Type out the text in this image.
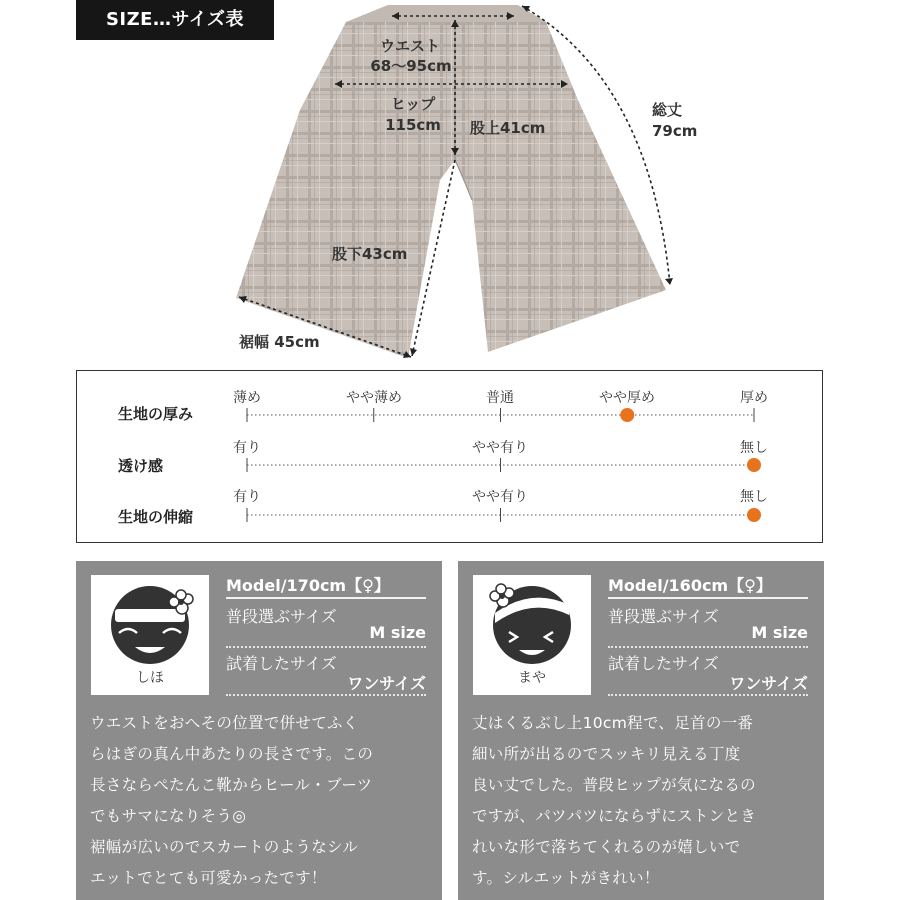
SIZE…サイズ表
ウエスト
68〜95cm
ヒップ
115cm	股上41cm
総丈
79cm
股下43cm
裾幅 45cm
生地の厚み
薄め	やや薄め	普通	やや厚め	厚め
透け感
有り	やや有り	無し
生地の伸縮
有り	やや有り	無し
しほ
Model/170cm【♀】
普段選ぶサイズ
M size
試着したサイズ
ワンサイズ
ウエストをおへその位置で併せてふく
らはぎの真ん中あたりの長さです。この
長さならぺたんこ靴からヒール・ブーツ
でもサマになりそう◎
裾幅が広いのでスカートのようなシル
エットでとても可愛かったです！
まや
Model/160cm【♀】
普段選ぶサイズ
M size
試着したサイズ
ワンサイズ
丈はくるぶし上10cm程で、足首の一番
細い所が出るのでスッキリ見える丁度
良い丈でした。普段ヒップが気になるの
ですが、パツパツにならずにストンとき
れいな形で落ちてくれるのが嬉しいで
す。シルエットがきれい！
